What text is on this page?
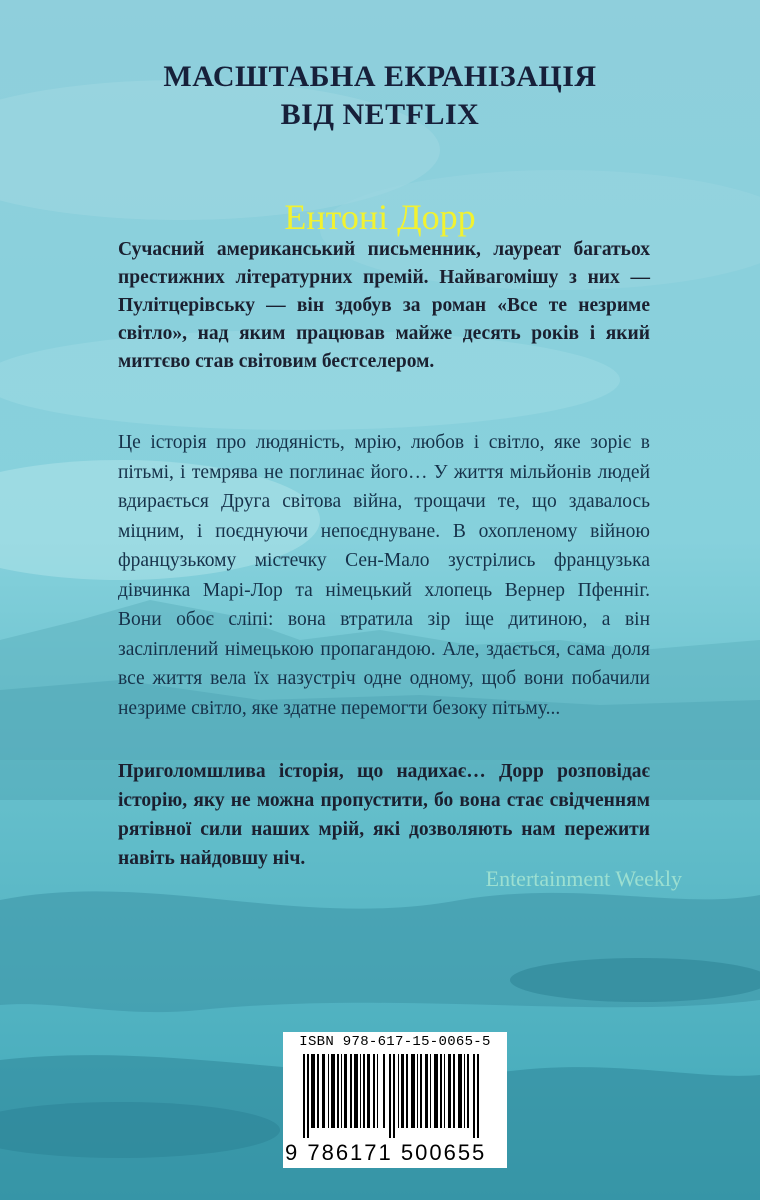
МАСШТАБНА ЕКРАНІЗАЦІЯ
ВІД NETFLIX
Ентоні Дорр
Сучасний американський письменник, лауреат багатьох престижних літературних премій. Найвагомішу з них — Пулітцерівську — він здобув за роман «Все те незриме світло», над яким працював майже десять років і який миттєво став світовим бестселером.
Це історія про людяність, мрію, любов і світло, яке зоріє в пітьмі, і темрява не поглинає його… У життя мільйонів людей вдирається Друга світова війна, трощачи те, що здавалось міцним, і поєднуючи непоєднуване. В охопленому війною французькому містечку Сен-Мало зустрілись французька дівчинка Марі-Лор та німецький хлопець Вернер Пфенніг. Вони обоє сліпі: вона втратила зір іще дитиною, а він засліплений німецькою пропагандою. Але, здається, сама доля все життя вела їх назустріч одне одному, щоб вони побачили незриме світло, яке здатне перемогти безоку пітьму...
Приголомшлива історія, що надихає… Дорр розповідає історію, яку не можна пропустити, бо вона стає свідченням рятівної сили наших мрій, які дозволяють нам пережити навіть найдовшу ніч.
Entertainment Weekly
ISBN 978-617-15-0065-5
9 786171 500655
